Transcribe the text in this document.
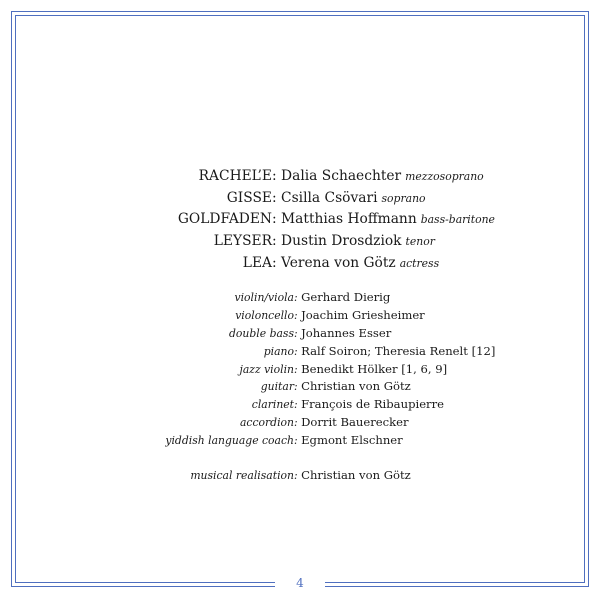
4
RACHEL’E : Dalia Schaechter mezzosoprano
GISSE : Csilla Csövari soprano
GOLDFADEN : Matthias Hoffmann bass-baritone
LEYSER : Dustin Drosdziok tenor
LEA : Verena von Götz actress
violin/viola : Gerhard Dierig
violoncello : Joachim Griesheimer
double bass : Johannes Esser
piano : Ralf Soiron; Theresia Renelt [12]
jazz violin : Benedikt Hölker [1, 6, 9]
guitar : Christian von Götz
clarinet : François de Ribaupierre
accordion : Dorrit Bauerecker
yiddish language coach : Egmont Elschner
musical realisation : Christian von Götz
